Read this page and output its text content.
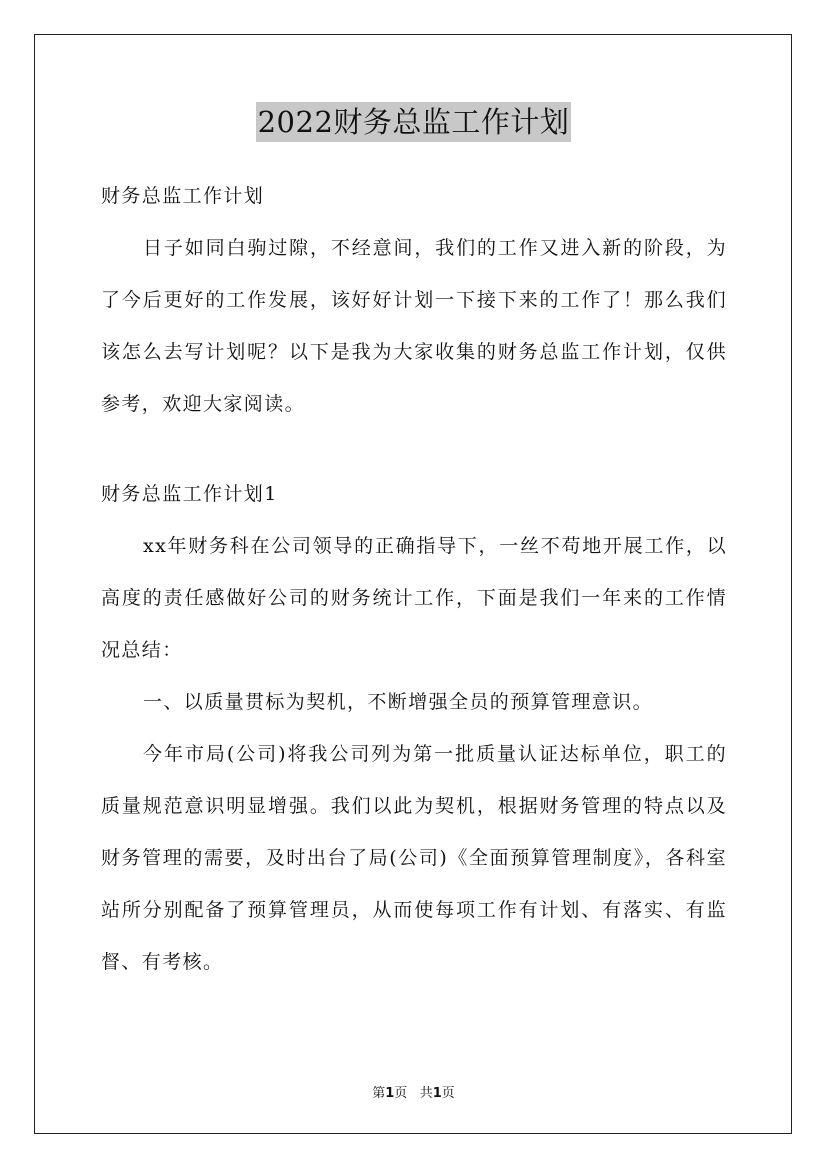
2022财务总监工作计划

财务总监工作计划

日子如同白驹过隙，不经意间，我们的工作又进入新的阶段，为了今后更好的工作发展，该好好计划一下接下来的工作了！那么我们该怎么去写计划呢？以下是我为大家收集的财务总监工作计划，仅供参考，欢迎大家阅读。

财务总监工作计划1

xx年财务科在公司领导的正确指导下，一丝不苟地开展工作，以高度的责任感做好公司的财务统计工作，下面是我们一年来的工作情况总结：

一、以质量贯标为契机，不断增强全员的预算管理意识。

今年市局(公司)将我公司列为第一批质量认证达标单位，职工的质量规范意识明显增强。我们以此为契机，根据财务管理的特点以及财务管理的需要，及时出台了局(公司)《全面预算管理制度》，各科室站所分别配备了预算管理员，从而使每项工作有计划、有落实、有监督、有考核。

第1页 共1页
